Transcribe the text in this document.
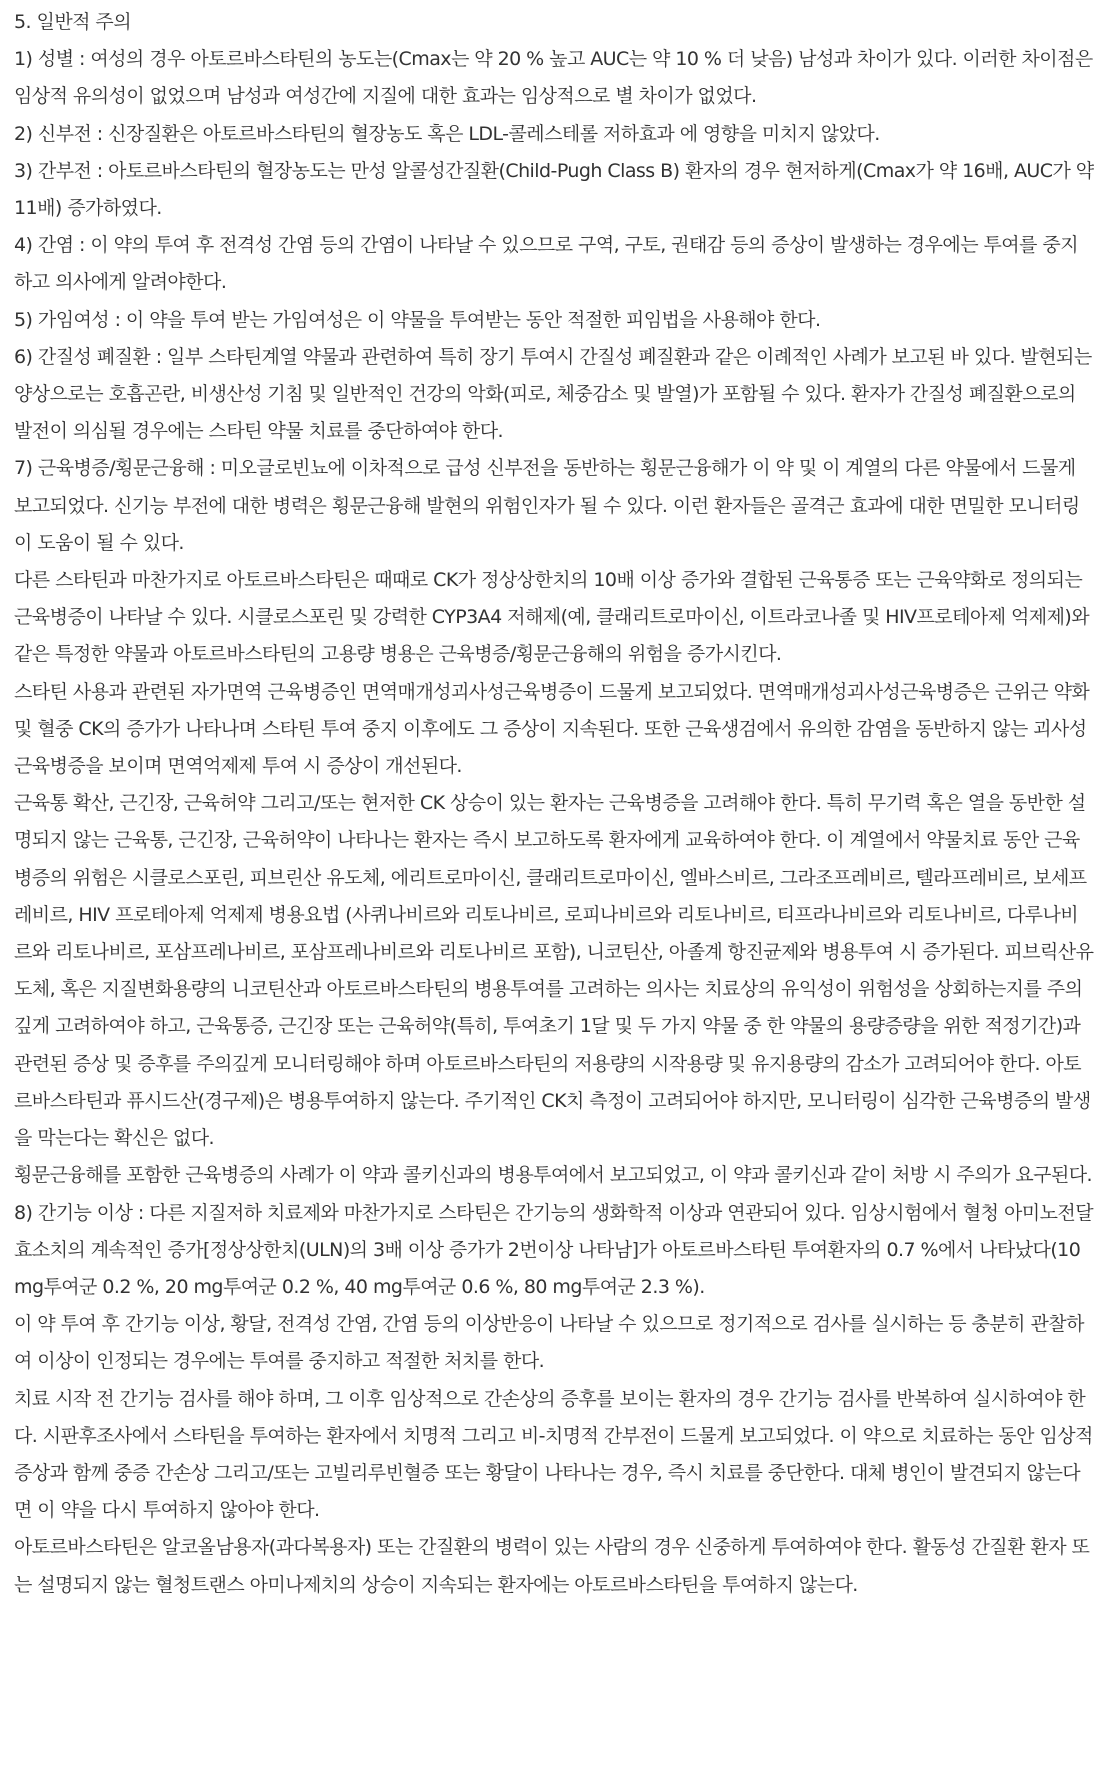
5. 일반적 주의

1) 성별 : 여성의 경우 아토르바스타틴의 농도는(Cmax는 약 20 % 높고 AUC는 약 10 % 더 낮음) 남성과 차이가 있다. 이러한 차이점은 임상적 유의성이 없었으며 남성과 여성간에 지질에 대한 효과는 임상적으로 별 차이가 없었다.

2) 신부전 : 신장질환은 아토르바스타틴의 혈장농도 혹은 LDL-콜레스테롤 저하효과 에 영향을 미치지 않았다.

3) 간부전 : 아토르바스타틴의 혈장농도는 만성 알콜성간질환(Child-Pugh Class B) 환자의 경우 현저하게(Cmax가 약 16배, AUC가 약11배) 증가하였다.

4) 간염 : 이 약의 투여 후 전격성 간염 등의 간염이 나타날 수 있으므로 구역, 구토, 권태감 등의 증상이 발생하는 경우에는 투여를 중지하고 의사에게 알려야한다.

5) 가임여성 : 이 약을 투여 받는 가임여성은 이 약물을 투여받는 동안 적절한 피임법을 사용해야 한다.

6) 간질성 폐질환 : 일부 스타틴계열 약물과 관련하여 특히 장기 투여시 간질성 폐질환과 같은 이례적인 사례가 보고된 바 있다. 발현되는 양상으로는 호흡곤란, 비생산성 기침 및 일반적인 건강의 악화(피로, 체중감소 및 발열)가 포함될 수 있다. 환자가 간질성 폐질환으로의 발전이 의심될 경우에는 스타틴 약물 치료를 중단하여야 한다.

7) 근육병증/횡문근융해 : 미오글로빈뇨에 이차적으로 급성 신부전을 동반하는 횡문근융해가 이 약 및 이 계열의 다른 약물에서 드물게 보고되었다. 신기능 부전에 대한 병력은 횡문근융해 발현의 위험인자가 될 수 있다. 이런 환자들은 골격근 효과에 대한 면밀한 모니터링이 도움이 될 수 있다.

다른 스타틴과 마찬가지로 아토르바스타틴은 때때로 CK가 정상상한치의 10배 이상 증가와 결합된 근육통증 또는 근육약화로 정의되는 근육병증이 나타날 수 있다. 시클로스포린 및 강력한 CYP3A4 저해제(예, 클래리트로마이신, 이트라코나졸 및 HIV프로테아제 억제제)와 같은 특정한 약물과 아토르바스타틴의 고용량 병용은 근육병증/횡문근융해의 위험을 증가시킨다.

스타틴 사용과 관련된 자가면역 근육병증인 면역매개성괴사성근육병증이 드물게 보고되었다. 면역매개성괴사성근육병증은 근위근 약화 및 혈중 CK의 증가가 나타나며 스타틴 투여 중지 이후에도 그 증상이 지속된다. 또한 근육생검에서 유의한 감염을 동반하지 않는 괴사성 근육병증을 보이며 면역억제제 투여 시 증상이 개선된다.

근육통 확산, 근긴장, 근육허약 그리고/또는 현저한 CK 상승이 있는 환자는 근육병증을 고려해야 한다. 특히 무기력 혹은 열을 동반한 설명되지 않는 근육통, 근긴장, 근육허약이 나타나는 환자는 즉시 보고하도록 환자에게 교육하여야 한다. 이 계열에서 약물치료 동안 근육병증의 위험은 시클로스포린, 피브린산 유도체, 에리트로마이신, 클래리트로마이신, 엘바스비르, 그라조프레비르, 텔라프레비르, 보세프레비르, HIV 프로테아제 억제제 병용요법 (사퀴나비르와 리토나비르, 로피나비르와 리토나비르, 티프라나비르와 리토나비르, 다루나비르와 리토나비르, 포삼프레나비르, 포삼프레나비르와 리토나비르 포함), 니코틴산, 아졸계 항진균제와 병용투여 시 증가된다. 피브릭산유도체, 혹은 지질변화용량의 니코틴산과 아토르바스타틴의 병용투여를 고려하는 의사는 치료상의 유익성이 위험성을 상회하는지를 주의깊게 고려하여야 하고, 근육통증, 근긴장 또는 근육허약(특히, 투여초기 1달 및 두 가지 약물 중 한 약물의 용량증량을 위한 적정기간)과 관련된 증상 및 증후를 주의깊게 모니터링해야 하며 아토르바스타틴의 저용량의 시작용량 및 유지용량의 감소가 고려되어야 한다. 아토르바스타틴과 퓨시드산(경구제)은 병용투여하지 않는다. 주기적인 CK치 측정이 고려되어야 하지만, 모니터링이 심각한 근육병증의 발생을 막는다는 확신은 없다.

횡문근융해를 포함한 근육병증의 사례가 이 약과 콜키신과의 병용투여에서 보고되었고, 이 약과 콜키신과 같이 처방 시 주의가 요구된다.

8) 간기능 이상 : 다른 지질저하 치료제와 마찬가지로 스타틴은 간기능의 생화학적 이상과 연관되어 있다. 임상시험에서 혈청 아미노전달효소치의 계속적인 증가[정상상한치(ULN)의 3배 이상 증가가 2번이상 나타남]가 아토르바스타틴 투여환자의 0.7 %에서 나타났다(10 mg투여군 0.2 %, 20 mg투여군 0.2 %, 40 mg투여군 0.6 %, 80 mg투여군 2.3 %).

이 약 투여 후 간기능 이상, 황달, 전격성 간염, 간염 등의 이상반응이 나타날 수 있으므로 정기적으로 검사를 실시하는 등 충분히 관찰하여 이상이 인정되는 경우에는 투여를 중지하고 적절한 처치를 한다.

치료 시작 전 간기능 검사를 해야 하며, 그 이후 임상적으로 간손상의 증후를 보이는 환자의 경우 간기능 검사를 반복하여 실시하여야 한다. 시판후조사에서 스타틴을 투여하는 환자에서 치명적 그리고 비-치명적 간부전이 드물게 보고되었다. 이 약으로 치료하는 동안 임상적 증상과 함께 중증 간손상 그리고/또는 고빌리루빈혈증 또는 황달이 나타나는 경우, 즉시 치료를 중단한다. 대체 병인이 발견되지 않는다면 이 약을 다시 투여하지 않아야 한다.

아토르바스타틴은 알코올남용자(과다복용자) 또는 간질환의 병력이 있는 사람의 경우 신중하게 투여하여야 한다. 활동성 간질환 환자 또는 설명되지 않는 혈청트랜스 아미나제치의 상승이 지속되는 환자에는 아토르바스타틴을 투여하지 않는다.
